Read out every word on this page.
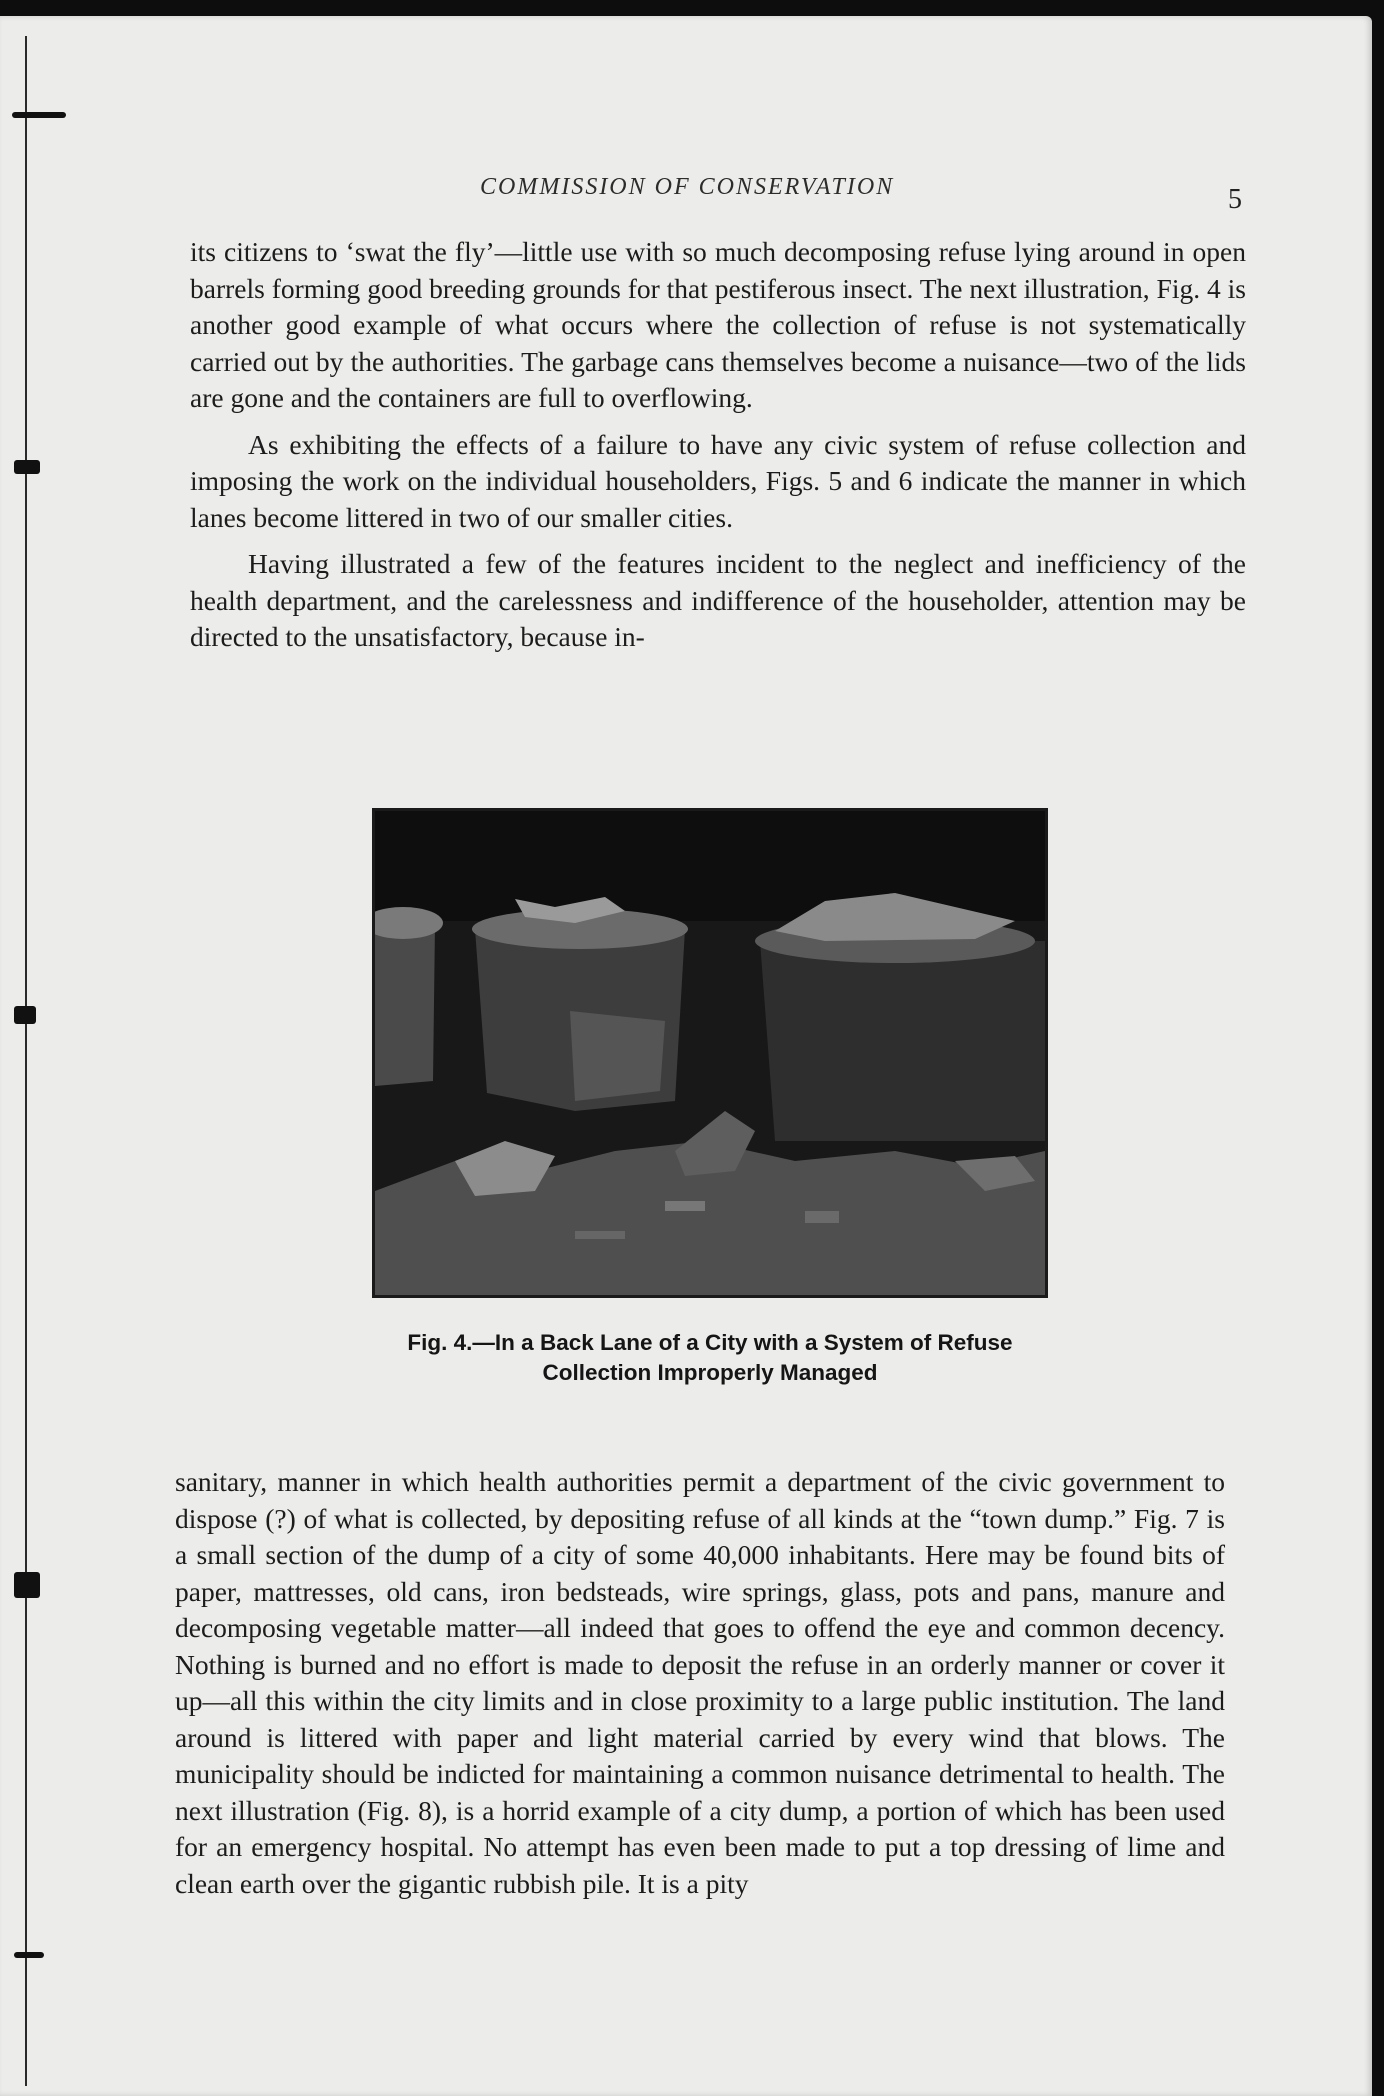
COMMISSION OF CONSERVATION	5

its citizens to ‘swat the fly’—little use with so much decomposing refuse lying around in open barrels forming good breeding grounds for that pestiferous insect. The next illustration, Fig. 4 is another good example of what occurs where the collection of refuse is not systematically carried out by the authorities. The garbage cans themselves become a nuisance—two of the lids are gone and the containers are full to overflowing.

As exhibiting the effects of a failure to have any civic system of refuse collection and imposing the work on the individual householders, Figs. 5 and 6 indicate the manner in which lanes become littered in two of our smaller cities.

Having illustrated a few of the features incident to the neglect and inefficiency of the health department, and the carelessness and indifference of the householder, attention may be directed to the unsatisfactory, because in-

Fig. 4.—In a Back Lane of a City with a System of Refuse
Collection Improperly Managed

sanitary, manner in which health authorities permit a department of the civic government to dispose (?) of what is collected, by depositing refuse of all kinds at the “town dump.” Fig. 7 is a small section of the dump of a city of some 40,000 inhabitants. Here may be found bits of paper, mattresses, old cans, iron bedsteads, wire springs, glass, pots and pans, manure and decomposing vegetable matter—all indeed that goes to offend the eye and common decency. Nothing is burned and no effort is made to deposit the refuse in an orderly manner or cover it up—all this within the city limits and in close proximity to a large public institution. The land around is littered with paper and light material carried by every wind that blows. The municipality should be indicted for maintaining a common nuisance detrimental to health. The next illustration (Fig. 8), is a horrid example of a city dump, a portion of which has been used for an emergency hospital. No attempt has even been made to put a top dressing of lime and clean earth over the gigantic rubbish pile. It is a pity
